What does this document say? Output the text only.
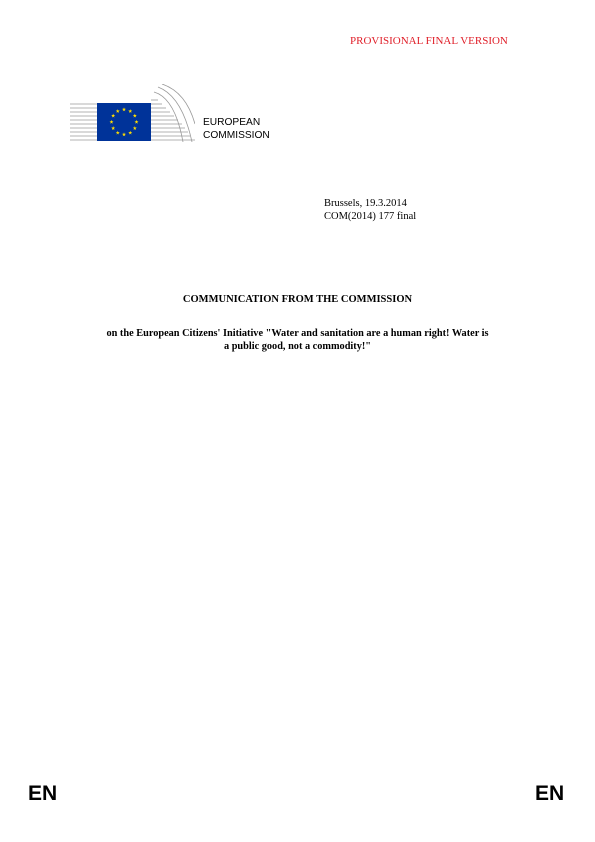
PROVISIONAL FINAL VERSION
EUROPEAN
COMMISSION
Brussels, 19.3.2014
COM(2014) 177 final
COMMUNICATION FROM THE COMMISSION
on the European Citizens' Initiative "Water and sanitation are a human right! Water is
a public good, not a commodity!"
EN	EN
